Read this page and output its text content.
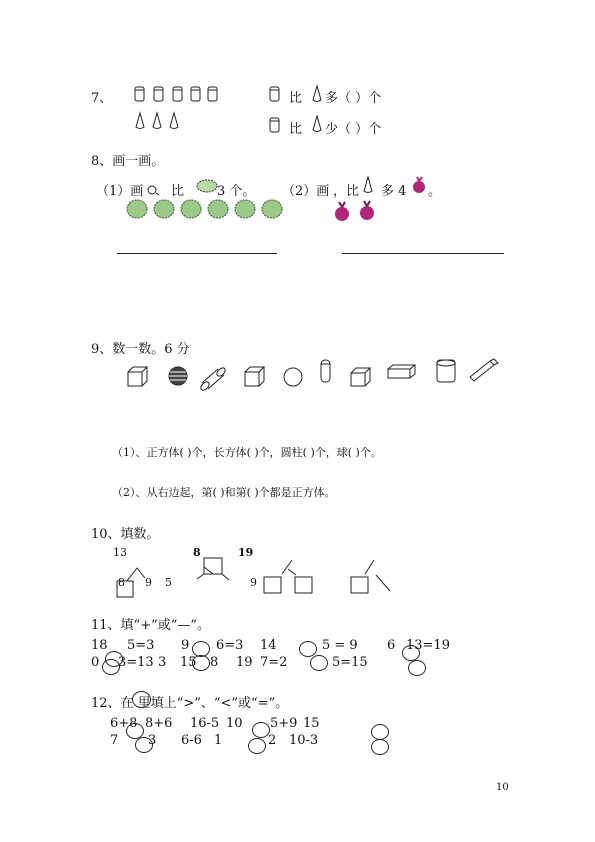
7、	比 多（ ）个
比 少（ ）个
8、画一画。
（1）画 比	3 个。 （2）画 ，比 多 4 。
9、数一数。6 分
（1）、正方体( )个，长方体( )个，圆柱( )个，球( )个。
（2）、从右边起，第( )和第( )个都是正方体。
10、填数。
13	8	19
8 9 5	9
11、填“+”或“—”。
18 5=3 9 6=3 14	5 = 9 6 13=19
0 3=13 3 15 8 19 7=2	5=15
12、在 里填上“>”、“<”或“=”。
6+8 8+6 16-5 10 5+9 15
7 3 6-6 1	2 10-3
10
